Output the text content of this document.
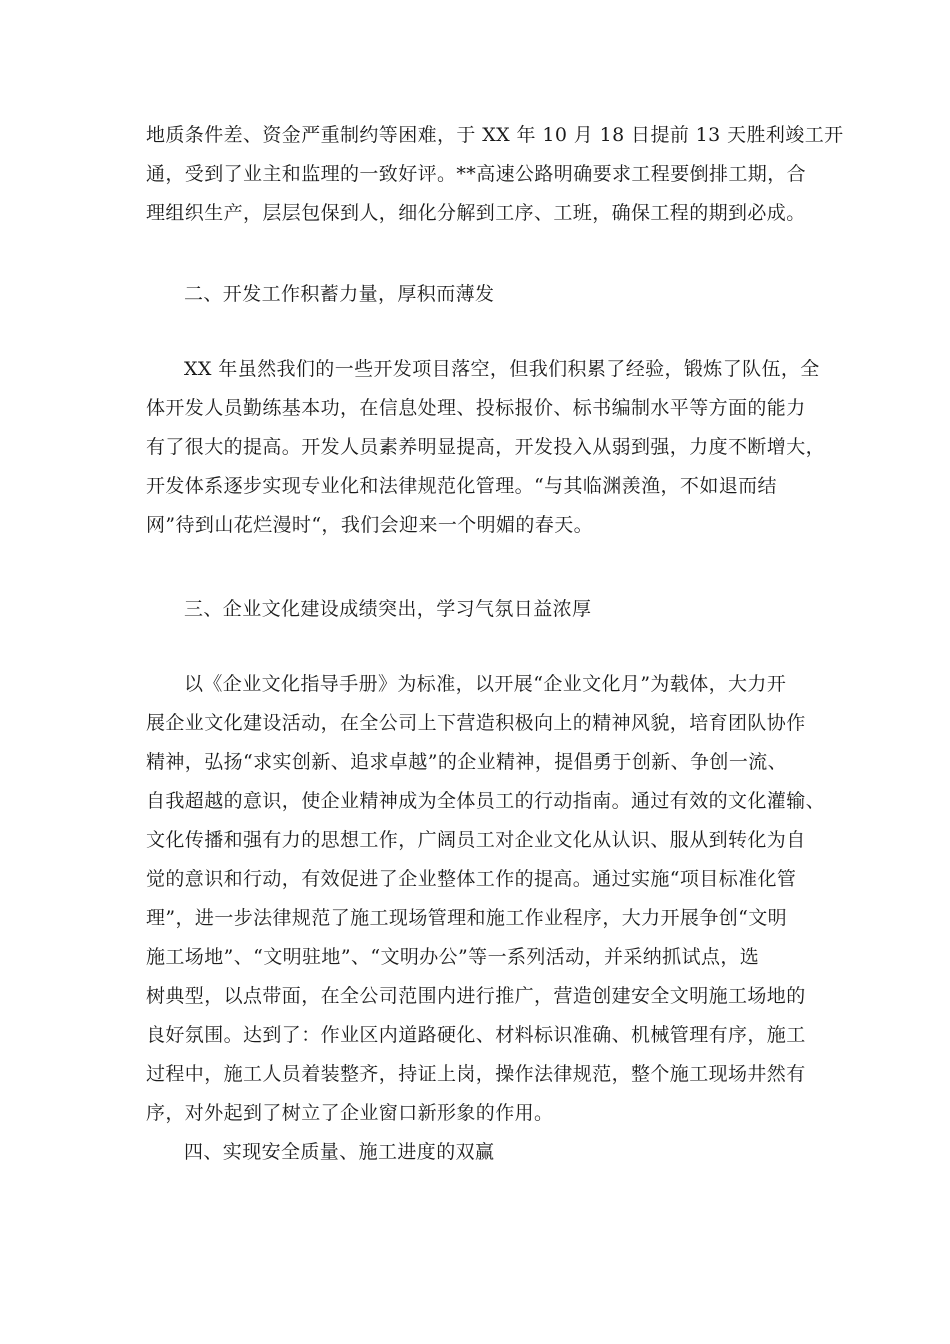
地质条件差、资金严重制约等困难，于 XX 年 10 月 18 日提前 13 天胜利竣工开
通，受到了业主和监理的一致好评。**高速公路明确要求工程要倒排工期，合
理组织生产，层层包保到人，细化分解到工序、工班，确保工程的期到必成。
二、开发工作积蓄力量，厚积而薄发
XX 年虽然我们的一些开发项目落空，但我们积累了经验，锻炼了队伍，全
体开发人员勤练基本功，在信息处理、投标报价、标书编制水平等方面的能力
有了很大的提高。开发人员素养明显提高，开发投入从弱到强，力度不断增大，
开发体系逐步实现专业化和法律规范化管理。“与其临渊羡渔，不如退而结
网”待到山花烂漫时“，我们会迎来一个明媚的春天。
三、企业文化建设成绩突出，学习气氛日益浓厚
以《企业文化指导手册》为标准，以开展“企业文化月”为载体，大力开
展企业文化建设活动，在全公司上下营造积极向上的精神风貌，培育团队协作
精神，弘扬“求实创新、追求卓越”的企业精神，提倡勇于创新、争创一流、
自我超越的意识，使企业精神成为全体员工的行动指南。通过有效的文化灌输、
文化传播和强有力的思想工作，广阔员工对企业文化从认识、服从到转化为自
觉的意识和行动，有效促进了企业整体工作的提高。通过实施“项目标准化管
理”，进一步法律规范了施工现场管理和施工作业程序，大力开展争创“文明
施工场地”、“文明驻地”、“文明办公”等一系列活动，并采纳抓试点，选
树典型，以点带面，在全公司范围内进行推广，营造创建安全文明施工场地的
良好氛围。达到了：作业区内道路硬化、材料标识准确、机械管理有序，施工
过程中，施工人员着装整齐，持证上岗，操作法律规范，整个施工现场井然有
序，对外起到了树立了企业窗口新形象的作用。
四、实现安全质量、施工进度的双赢
